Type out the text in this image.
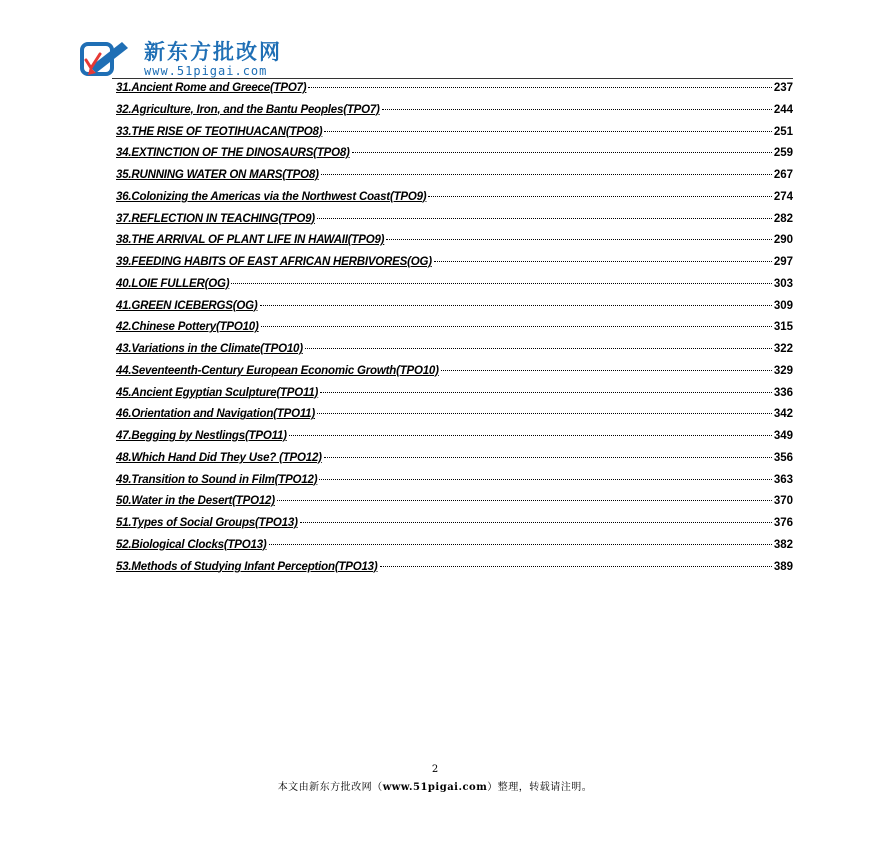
新东方批改网
www.51pigai.com
31.Ancient Rome and Greece(TPO7)	237
32.Agriculture, Iron, and the Bantu Peoples(TPO7)	244
33.THE RISE OF TEOTIHUACAN(TPO8)	251
34.EXTINCTION OF THE DINOSAURS(TPO8)	259
35.RUNNING WATER ON MARS(TPO8)	267
36.Colonizing the Americas via the Northwest Coast(TPO9)	274
37.REFLECTION IN TEACHING(TPO9)	282
38.THE ARRIVAL OF PLANT LIFE IN HAWAII(TPO9)	290
39.FEEDING HABITS OF EAST AFRICAN HERBIVORES(OG)	297
40.LOIE FULLER(OG)	303
41.GREEN ICEBERGS(OG)	309
42.Chinese Pottery(TPO10)	315
43.Variations in the Climate(TPO10)	322
44.Seventeenth-Century European Economic Growth(TPO10)	329
45.Ancient Egyptian Sculpture(TPO11)	336
46.Orientation and Navigation(TPO11)	342
47.Begging by Nestlings(TPO11)	349
48.Which Hand Did They Use? (TPO12)	356
49.Transition to Sound in Film(TPO12)	363
50.Water in the Desert(TPO12)	370
51.Types of Social Groups(TPO13)	376
52.Biological Clocks(TPO13)	382
53.Methods of Studying Infant Perception(TPO13)	389
2
本文由新东方批改网（www.51pigai.com）整理，转载请注明。
